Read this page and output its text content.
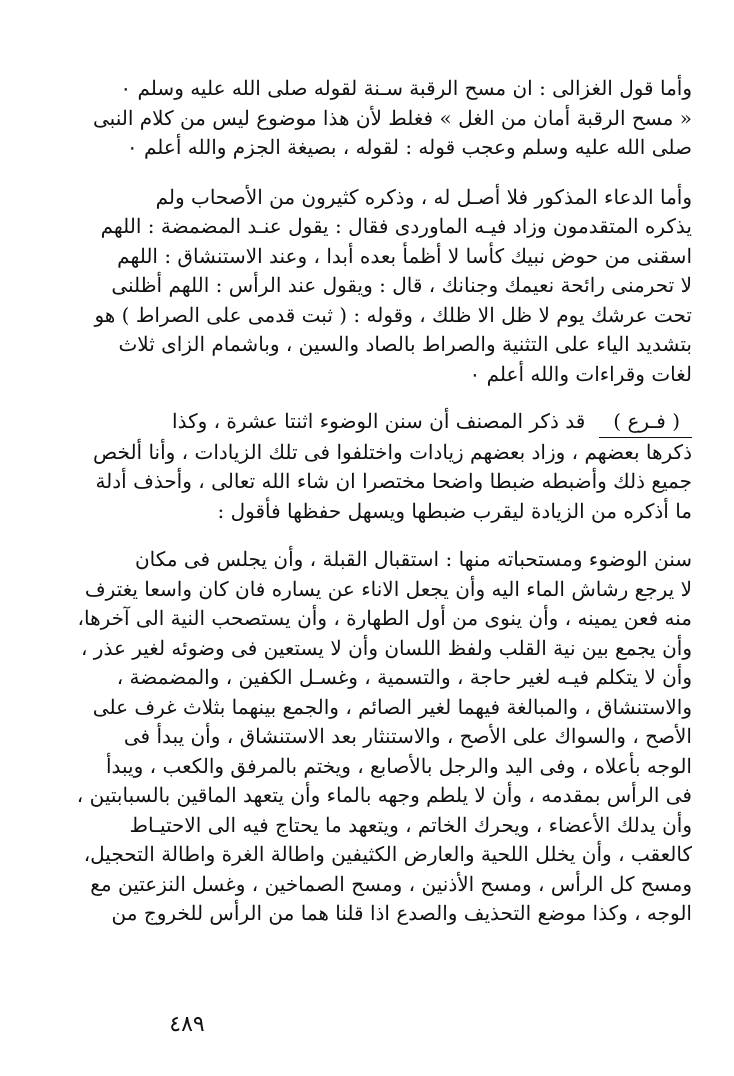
وأما قول الغزالى : ان مسح الرقبة سـنة لقوله صلى الله عليه وسلم ٠
« مسح الرقبة أمان من الغل » فغلط لأن هذا موضوع ليس من كلام النبى
صلى الله عليه وسلم وعجب قوله : لقوله ، بصيغة الجزم والله أعلم ٠
وأما الدعاء المذكور فلا أصـل له ، وذكره كثيرون من الأصحاب ولم
يذكره المتقدمون وزاد فيـه الماوردى فقال : يقول عنـد المضمضة : اللهم
اسقنى من حوض نبيك كأسا لا أظمأ بعده أبدا ، وعند الاستنشاق : اللهم
لا تحرمنى رائحة نعيمك وجنانك ، قال : ويقول عند الرأس : اللهم أظلنى
تحت عرشك يوم لا ظل الا ظلك ، وقوله : ( ثبت قدمى على الصراط ) هو
بتشديد الياء على التثنية والصراط بالصاد والسين ، وباشمام الزاى ثلاث
لغات وقراءات والله أعلم ٠
( فـرع )قد ذكر المصنف أن سنن الوضوء اثنتا عشرة ، وكذا
ذكرها بعضهم ، وزاد بعضهم زيادات واختلفوا فى تلك الزيادات ، وأنا ألخص
جميع ذلك وأضبطه ضبطا واضحا مختصرا ان شاء الله تعالى ، وأحذف أدلة
ما أذكره من الزيادة ليقرب ضبطها ويسهل حفظها فأقول :
سنن الوضوء ومستحباته منها : استقبال القبلة ، وأن يجلس فى مكان
لا يرجع رشاش الماء اليه وأن يجعل الاناء عن يساره فان كان واسعا يغترف
منه فعن يمينه ، وأن ينوى من أول الطهارة ، وأن يستصحب النية الى آخرها،
وأن يجمع بين نية القلب ولفظ اللسان وأن لا يستعين فى وضوئه لغير عذر ،
وأن لا يتكلم فيـه لغير حاجة ، والتسمية ، وغسـل الكفين ، والمضمضة ،
والاستنشاق ، والمبالغة فيهما لغير الصائم ، والجمع بينهما بثلاث غرف على
الأصح ، والسواك على الأصح ، والاستنثار بعد الاستنشاق ، وأن يبدأ فى
الوجه بأعلاه ، وفى اليد والرجل بالأصابع ، ويختم بالمرفق والكعب ، ويبدأ
فى الرأس بمقدمه ، وأن لا يلطم وجهه بالماء وأن يتعهد الماقين بالسبابتين ،
وأن يدلك الأعضاء ، ويحرك الخاتم ، ويتعهد ما يحتاج فيه الى الاحتيـاط
كالعقب ، وأن يخلل اللحية والعارض الكثيفين واطالة الغرة واطالة التحجيل،
ومسح كل الرأس ، ومسح الأذنين ، ومسح الصماخين ، وغسل النزعتين مع
الوجه ، وكذا موضع التحذيف والصدع اذا قلنا هما من الرأس للخروج من
٤٨٩
